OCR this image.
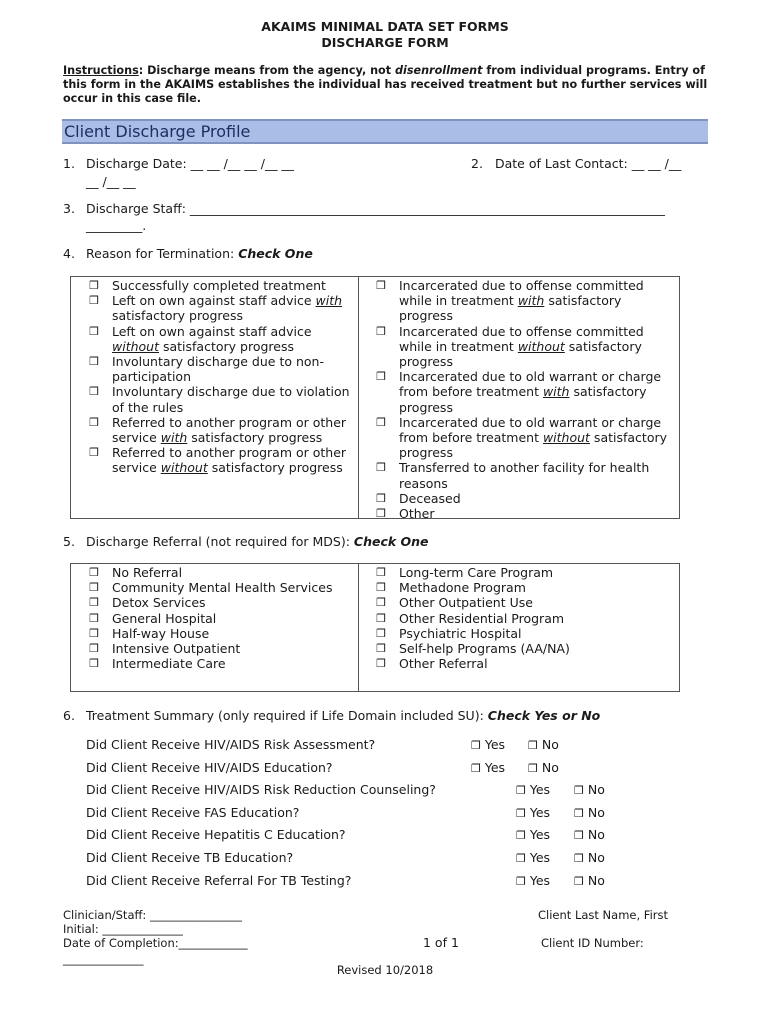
AKAIMS MINIMAL DATA SET FORMS
DISCHARGE FORM
Instructions: Discharge means from the agency, not disenrollment from individual programs. Entry of this form in the AKAIMS establishes the individual has received treatment but no further services will occur in this case file.
Client Discharge Profile
1. Discharge Date: __ __ /__ __ /__ __
__ /__ __
2. Date of Last Contact: __ __ /__
3. Discharge Staff: ____________________________________________________________________________
_________.
4. Reason for Termination: Check One
❒ Successfully completed treatment
❒ Left on own against staff advice with satisfactory progress
❒ Left on own against staff advice without satisfactory progress
❒ Involuntary discharge due to non-participation
❒ Involuntary discharge due to violation of the rules
❒ Referred to another program or other service with satisfactory progress
❒ Referred to another program or other service without satisfactory progress
❒ Incarcerated due to offense committed while in treatment with satisfactory progress
❒ Incarcerated due to offense committed while in treatment without satisfactory progress
❒ Incarcerated due to old warrant or charge from before treatment with satisfactory progress
❒ Incarcerated due to old warrant or charge from before treatment without satisfactory progress
❒ Transferred to another facility for health reasons
❒ Deceased
❒ Other
5. Discharge Referral (not required for MDS): Check One
❒ No Referral
❒ Community Mental Health Services
❒ Detox Services
❒ General Hospital
❒ Half-way House
❒ Intensive Outpatient
❒ Intermediate Care
❒ Long-term Care Program
❒ Methadone Program
❒ Other Outpatient Use
❒ Other Residential Program
❒ Psychiatric Hospital
❒ Self-help Programs (AA/NA)
❒ Other Referral
6. Treatment Summary (only required if Life Domain included SU): Check Yes or No
Did Client Receive HIV/AIDS Risk Assessment?	❒ Yes ❒ No
Did Client Receive HIV/AIDS Education?	❒ Yes ❒ No
Did Client Receive HIV/AIDS Risk Reduction Counseling?	❒ Yes ❒ No
Did Client Receive FAS Education?	❒ Yes ❒ No
Did Client Receive Hepatitis C Education?	❒ Yes ❒ No
Did Client Receive TB Education?	❒ Yes ❒ No
Did Client Receive Referral For TB Testing?	❒ Yes ❒ No
Clinician/Staff: ________________
Initial: ______________
Date of Completion:____________
______________
1 of 1
Client Last Name, First
Client ID Number:
Revised 10/2018
